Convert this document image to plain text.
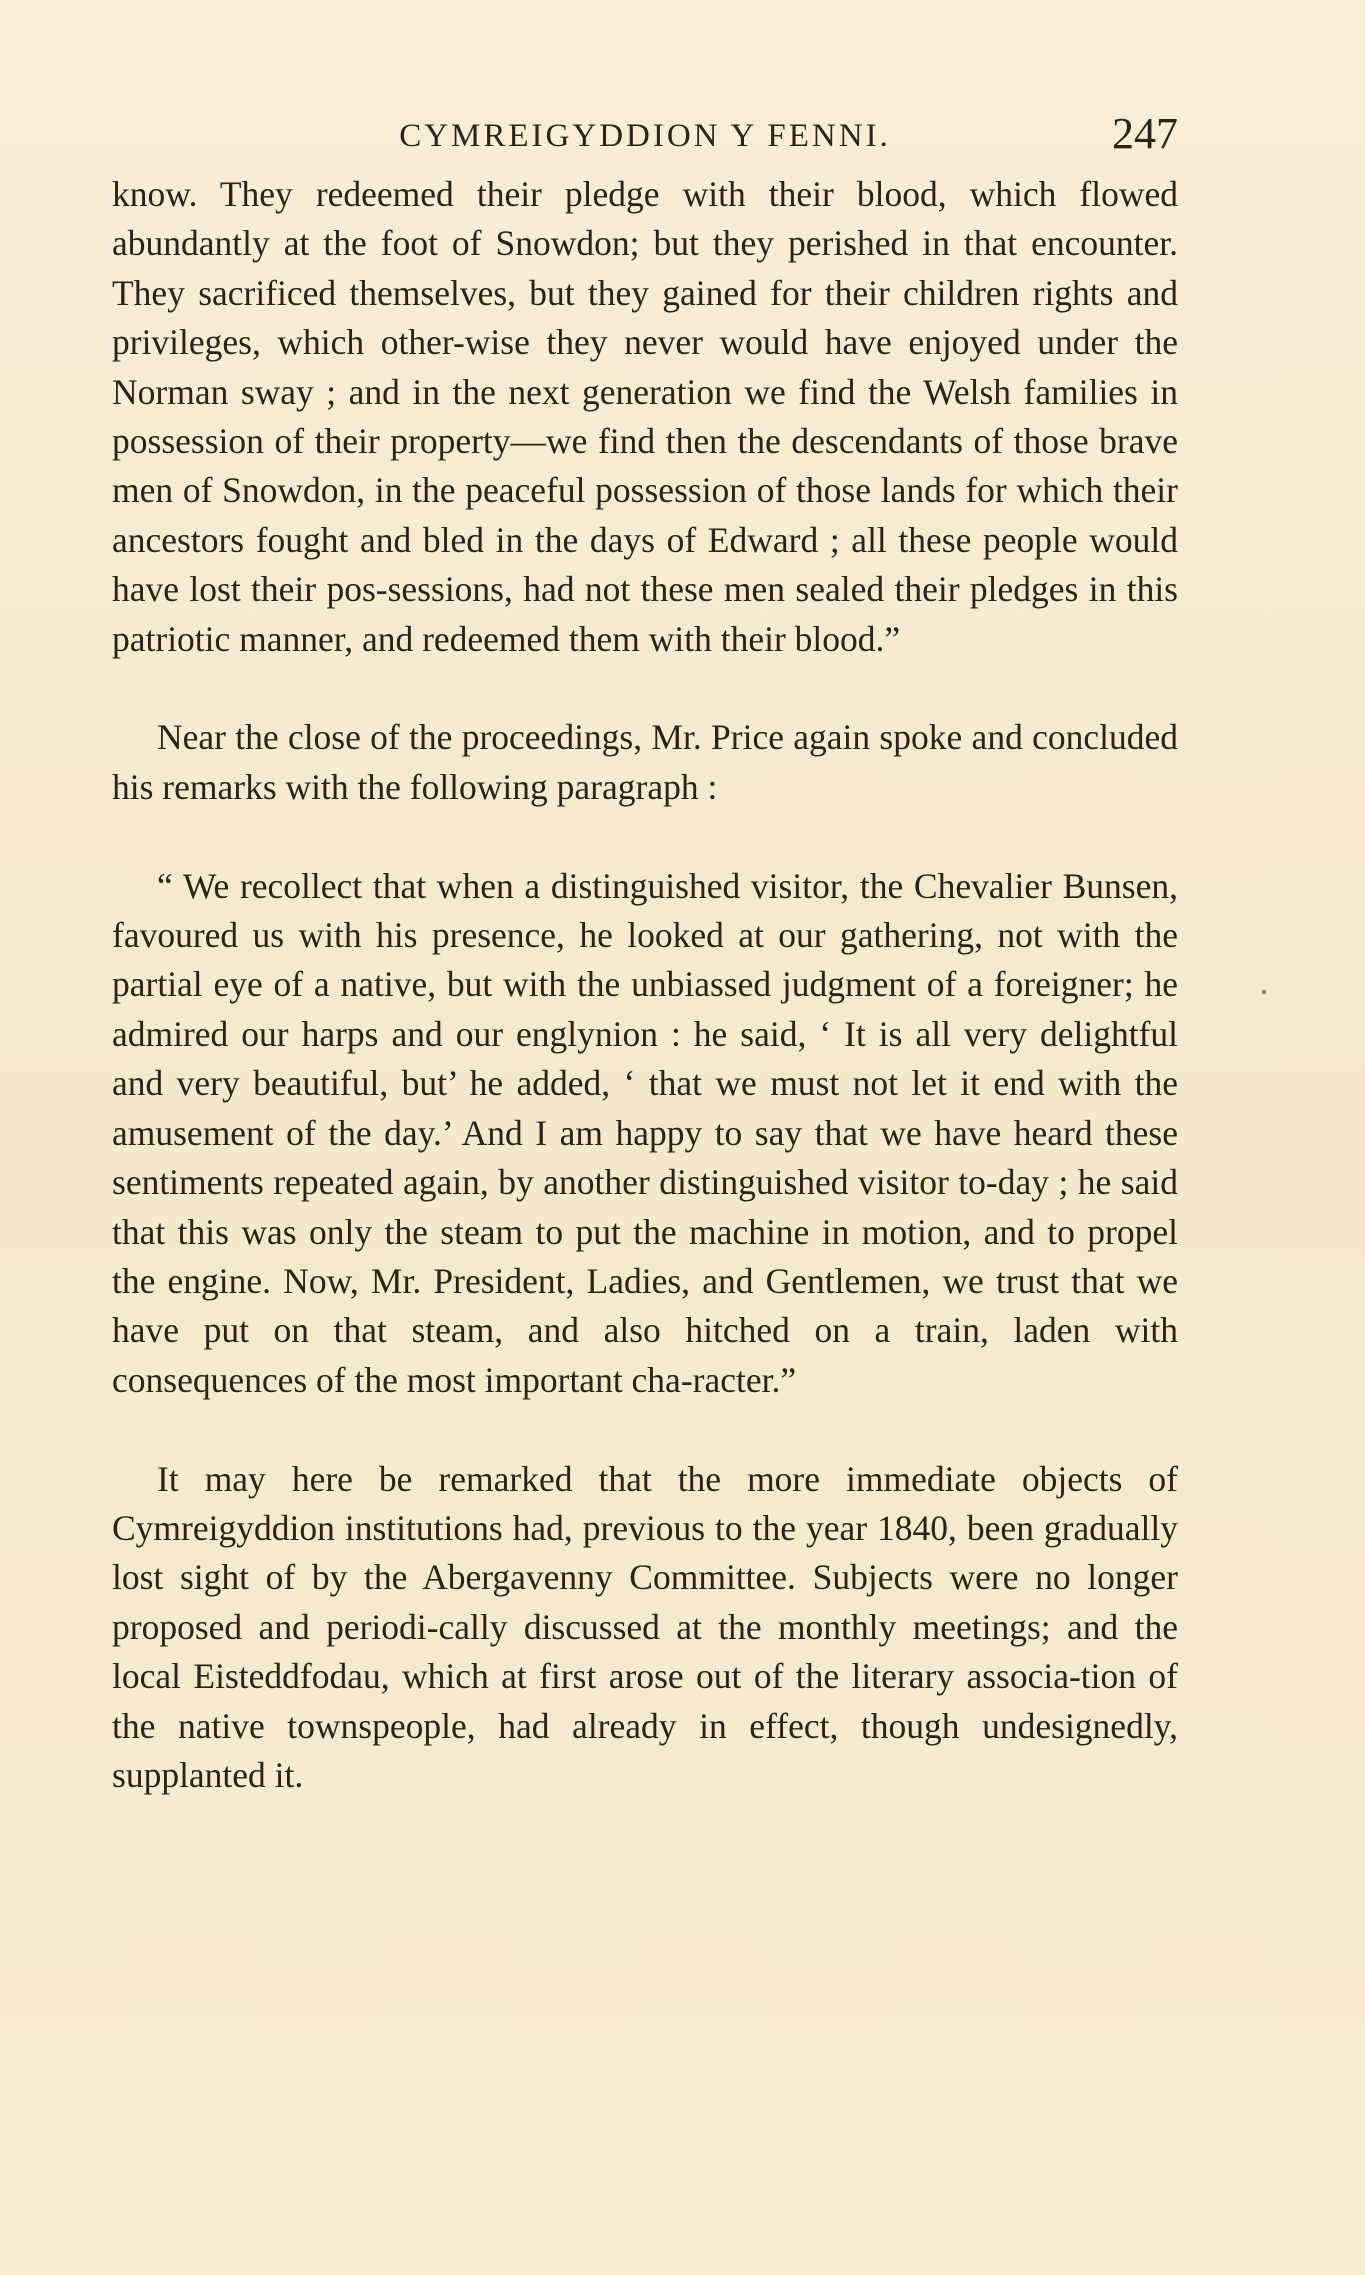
CYMREIGYDDION Y FENNI.	247

know. They redeemed their pledge with their blood, which flowed abundantly at the foot of Snowdon; but they perished in that encounter. They sacrificed themselves, but they gained for their children rights and privileges, which other-wise they never would have enjoyed under the Norman sway ; and in the next generation we find the Welsh families in possession of their property—we find then the descendants of those brave men of Snowdon, in the peaceful possession of those lands for which their ancestors fought and bled in the days of Edward ; all these people would have lost their pos-sessions, had not these men sealed their pledges in this patriotic manner, and redeemed them with their blood.”

Near the close of the proceedings, Mr. Price again spoke and concluded his remarks with the following paragraph :

“ We recollect that when a distinguished visitor, the Chevalier Bunsen, favoured us with his presence, he looked at our gathering, not with the partial eye of a native, but with the unbiassed judgment of a foreigner; he admired our harps and our englynion : he said, ‘ It is all very delightful and very beautiful, but’ he added, ‘ that we must not let it end with the amusement of the day.’ And I am happy to say that we have heard these sentiments repeated again, by another distinguished visitor to-day ; he said that this was only the steam to put the machine in motion, and to propel the engine. Now, Mr. President, Ladies, and Gentlemen, we trust that we have put on that steam, and also hitched on a train, laden with consequences of the most important cha-racter.”

It may here be remarked that the more immediate objects of Cymreigyddion institutions had, previous to the year 1840, been gradually lost sight of by the Abergavenny Committee. Subjects were no longer proposed and periodi-cally discussed at the monthly meetings; and the local Eisteddfodau, which at first arose out of the literary associa-tion of the native townspeople, had already in effect, though undesignedly, supplanted it.
